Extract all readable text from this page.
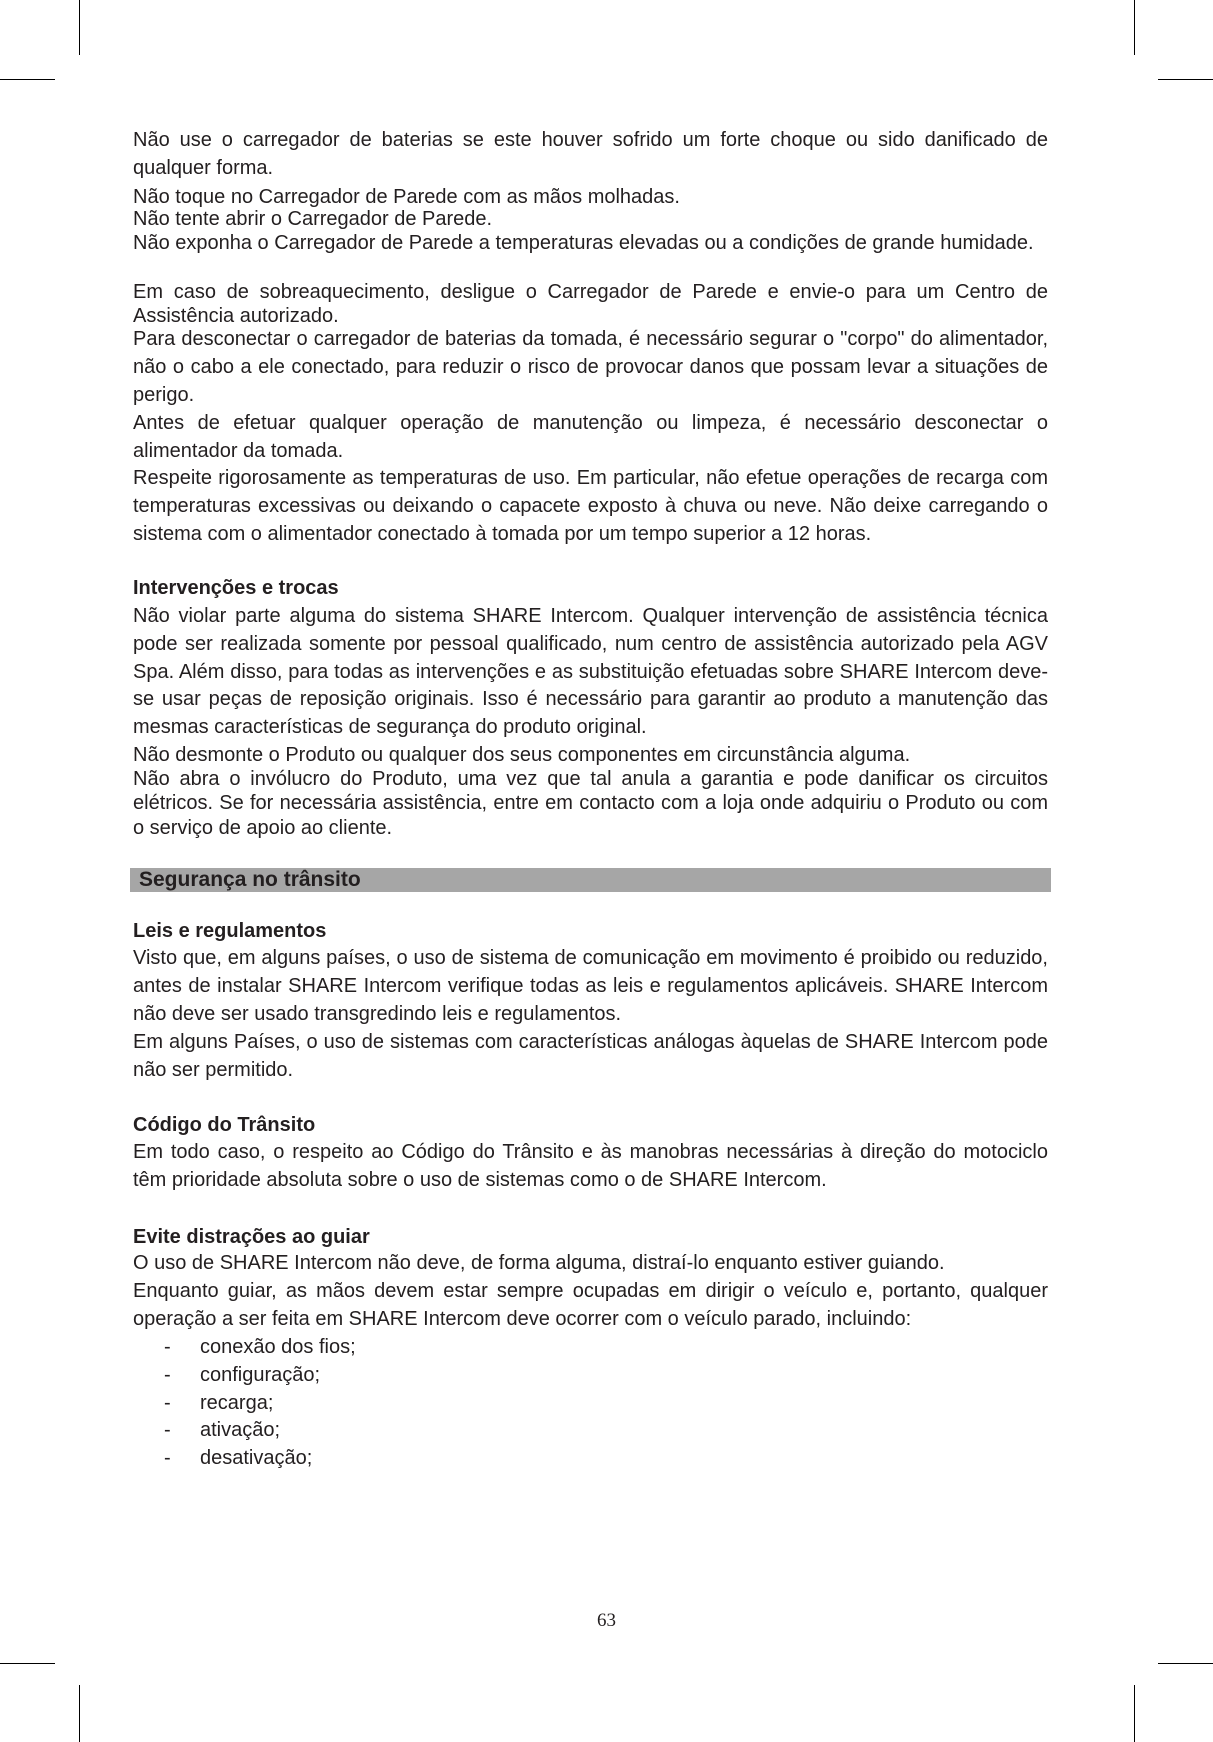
Não use o carregador de baterias se este houver sofrido um forte choque ou sido danificado de qualquer forma.

Não toque no Carregador de Parede com as mãos molhadas.

Não tente abrir o Carregador de Parede.

Não exponha o Carregador de Parede a temperaturas elevadas ou a condições de grande humidade.

Em caso de sobreaquecimento, desligue o Carregador de Parede e envie-o para um Centro de Assistência autorizado.

Para desconectar o carregador de baterias da tomada, é necessário segurar o "corpo" do alimentador, não o cabo a ele conectado, para reduzir o risco de provocar danos que possam levar a situações de perigo.

Antes de efetuar qualquer operação de manutenção ou limpeza, é necessário desconectar o alimentador da tomada.

Respeite rigorosamente as temperaturas de uso. Em particular, não efetue operações de recarga com temperaturas excessivas ou deixando o capacete exposto à chuva ou neve. Não deixe carregando o sistema com o alimentador conectado à tomada por um tempo superior a 12 horas.

Intervenções e trocas

Não violar parte alguma do sistema SHARE Intercom. Qualquer intervenção de assistência técnica pode ser realizada somente por pessoal qualificado, num centro de assistência autorizado pela AGV Spa. Além disso, para todas as intervenções e as substituição efetuadas sobre SHARE Intercom deve-se usar peças de reposição originais. Isso é necessário para garantir ao produto a manutenção das mesmas características de segurança do produto original.

Não desmonte o Produto ou qualquer dos seus componentes em circunstância alguma.

Não abra o invólucro do Produto, uma vez que tal anula a garantia e pode danificar os circuitos elétricos. Se for necessária assistência, entre em contacto com a loja onde adquiriu o Produto ou com o serviço de apoio ao cliente.

Segurança no trânsito
Leis e regulamentos

Visto que, em alguns países, o uso de sistema de comunicação em movimento é proibido ou reduzido, antes de instalar SHARE Intercom verifique todas as leis e regulamentos aplicáveis. SHARE Intercom não deve ser usado transgredindo leis e regulamentos.

Em alguns Países, o uso de sistemas com características análogas àquelas de SHARE Intercom pode não ser permitido.

Código do Trânsito

Em todo caso, o respeito ao Código do Trânsito e às manobras necessárias à direção do motociclo têm prioridade absoluta sobre o uso de sistemas como o de SHARE Intercom.

Evite distrações ao guiar

O uso de SHARE Intercom não deve, de forma alguma, distraí-lo enquanto estiver guiando.

Enquanto guiar, as mãos devem estar sempre ocupadas em dirigir o veículo e, portanto, qualquer operação a ser feita em SHARE Intercom deve ocorrer com o veículo parado, incluindo:

- conexão dos fios;
- configuração;
- recarga;
- ativação;
- desativação;
63
